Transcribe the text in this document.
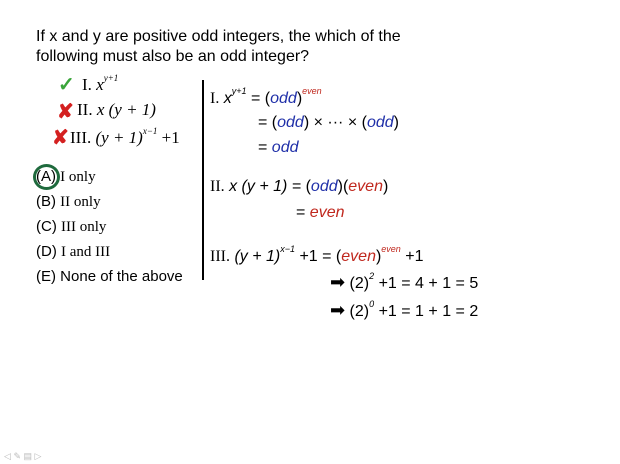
If x and y are positive odd integers, the which of the
following must also be an odd integer?
✓ I. $x^{y+1}$
✘ II. x (y + 1)
✘ III. $(y + 1)^{x-1} +1$
(A) I only
(B) II only
(C) III only
(D) I and III
(E) None of the above
I. $x^{y+1} = (odd)^{even}$
= (odd) × ··· × (odd)
= odd
II. x (y + 1) = (odd)(even)
= even
III. $(y + 1)^{x-1} +1$ = (even)$^{even}$ +1
➡ $(2)^2 +1 = 4 + 1 = 5$
➡ $(2)^0 +1 = 1 + 1 = 2$
◁ ✎ ▤ ▷
